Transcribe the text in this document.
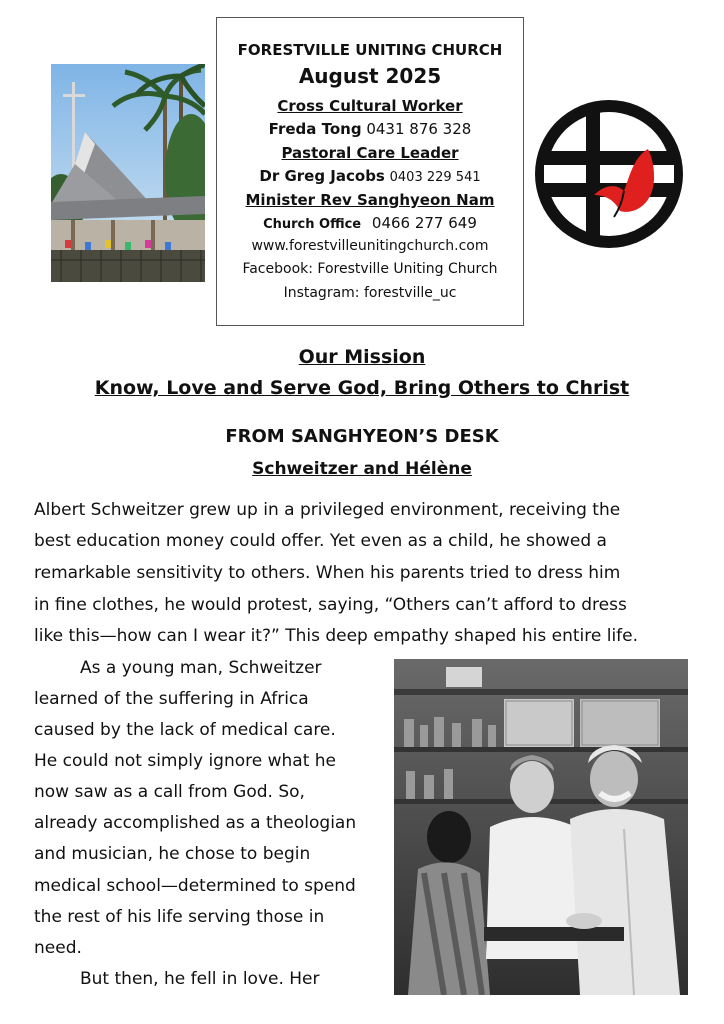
FORESTVILLE UNITING CHURCH
August 2025
Cross Cultural Worker
Freda Tong 0431 876 328
Pastoral Care Leader
Dr Greg Jacobs 0403 229 541
Minister Rev Sanghyeon Nam
Church Office 0466 277 649
www.forestvilleunitingchurch.com
Facebook: Forestville Uniting Church
Instagram: forestville_uc
Our Mission
Know, Love and Serve God, Bring Others to Christ
FROM SANGHYEON’S DESK
Schweitzer and Hélène
Albert Schweitzer grew up in a privileged environment, receiving the
best education money could offer. Yet even as a child, he showed a
remarkable sensitivity to others. When his parents tried to dress him
in fine clothes, he would protest, saying, “Others can’t afford to dress
like this—how can I wear it?” This deep empathy shaped his entire life.
As a young man, Schweitzer
learned of the suffering in Africa
caused by the lack of medical care.
He could not simply ignore what he
now saw as a call from God. So,
already accomplished as a theologian
and musician, he chose to begin
medical school—determined to spend
the rest of his life serving those in
need.
But then, he fell in love. Her
